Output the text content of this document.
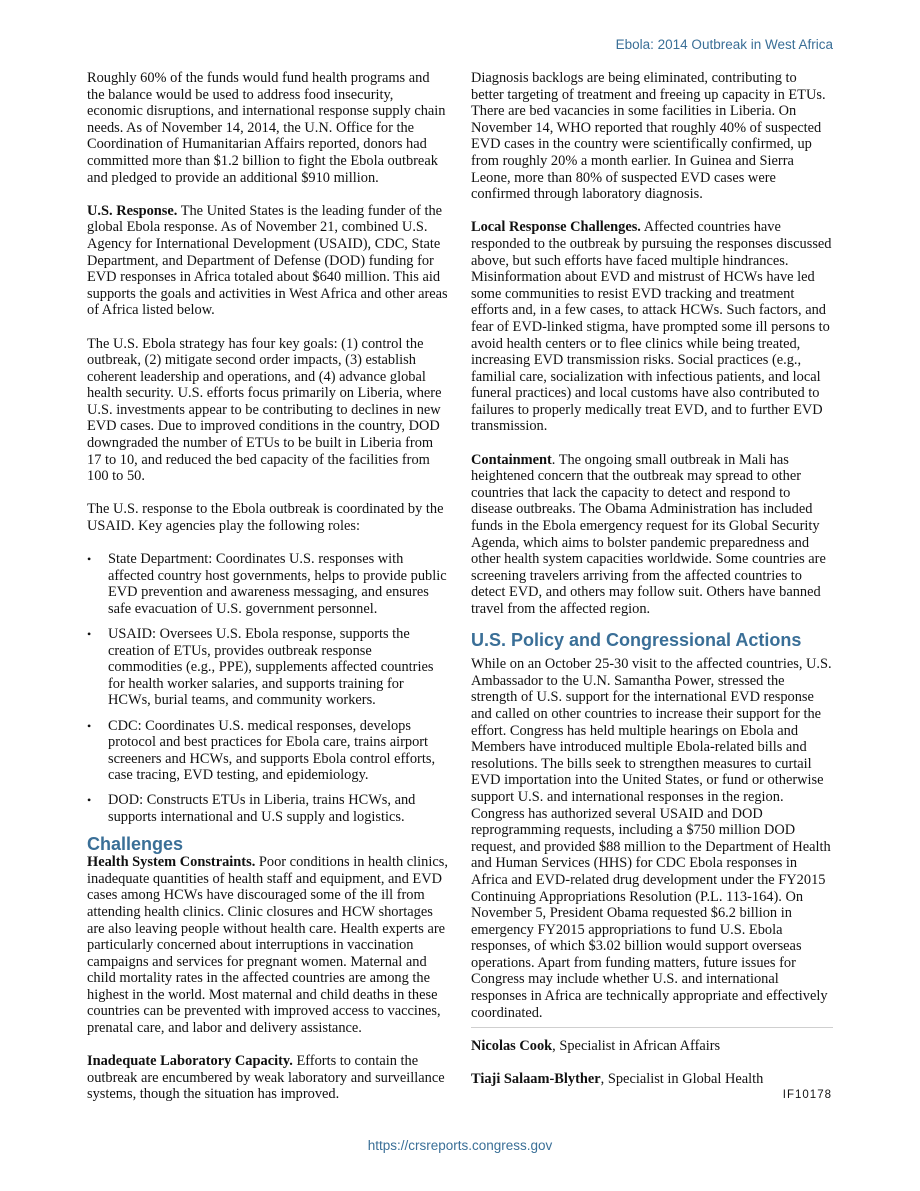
Ebola: 2014 Outbreak in West Africa

Roughly 60% of the funds would fund health programs and the balance would be used to address food insecurity, economic disruptions, and international response supply chain needs. As of November 14, 2014, the U.N. Office for the Coordination of Humanitarian Affairs reported, donors had committed more than $1.2 billion to fight the Ebola outbreak and pledged to provide an additional $910 million.

U.S. Response. The United States is the leading funder of the global Ebola response. As of November 21, combined U.S. Agency for International Development (USAID), CDC, State Department, and Department of Defense (DOD) funding for EVD responses in Africa totaled about $640 million. This aid supports the goals and activities in West Africa and other areas of Africa listed below.

The U.S. Ebola strategy has four key goals: (1) control the outbreak, (2) mitigate second order impacts, (3) establish coherent leadership and operations, and (4) advance global health security. U.S. efforts focus primarily on Liberia, where U.S. investments appear to be contributing to declines in new EVD cases. Due to improved conditions in the country, DOD downgraded the number of ETUs to be built in Liberia from 17 to 10, and reduced the bed capacity of the facilities from 100 to 50.

The U.S. response to the Ebola outbreak is coordinated by the USAID. Key agencies play the following roles:

• State Department: Coordinates U.S. responses with affected country host governments, helps to provide public EVD prevention and awareness messaging, and ensures safe evacuation of U.S. government personnel.
• USAID: Oversees U.S. Ebola response, supports the creation of ETUs, provides outbreak response commodities (e.g., PPE), supplements affected countries for health worker salaries, and supports training for HCWs, burial teams, and community workers.
• CDC: Coordinates U.S. medical responses, develops protocol and best practices for Ebola care, trains airport screeners and HCWs, and supports Ebola control efforts, case tracing, EVD testing, and epidemiology.
• DOD: Constructs ETUs in Liberia, trains HCWs, and supports international and U.S supply and logistics.
Challenges

Health System Constraints. Poor conditions in health clinics, inadequate quantities of health staff and equipment, and EVD cases among HCWs have discouraged some of the ill from attending health clinics. Clinic closures and HCW shortages are also leaving people without health care. Health experts are particularly concerned about interruptions in vaccination campaigns and services for pregnant women. Maternal and child mortality rates in the affected countries are among the highest in the world. Most maternal and child deaths in these countries can be prevented with improved access to vaccines, prenatal care, and labor and delivery assistance.

Inadequate Laboratory Capacity. Efforts to contain the outbreak are encumbered by weak laboratory and surveillance systems, though the situation has improved.

Diagnosis backlogs are being eliminated, contributing to better targeting of treatment and freeing up capacity in ETUs. There are bed vacancies in some facilities in Liberia. On November 14, WHO reported that roughly 40% of suspected EVD cases in the country were scientifically confirmed, up from roughly 20% a month earlier. In Guinea and Sierra Leone, more than 80% of suspected EVD cases were confirmed through laboratory diagnosis.

Local Response Challenges. Affected countries have responded to the outbreak by pursuing the responses discussed above, but such efforts have faced multiple hindrances. Misinformation about EVD and mistrust of HCWs have led some communities to resist EVD tracking and treatment efforts and, in a few cases, to attack HCWs. Such factors, and fear of EVD-linked stigma, have prompted some ill persons to avoid health centers or to flee clinics while being treated, increasing EVD transmission risks. Social practices (e.g., familial care, socialization with infectious patients, and local funeral practices) and local customs have also contributed to failures to properly medically treat EVD, and to further EVD transmission.

Containment. The ongoing small outbreak in Mali has heightened concern that the outbreak may spread to other countries that lack the capacity to detect and respond to disease outbreaks. The Obama Administration has included funds in the Ebola emergency request for its Global Security Agenda, which aims to bolster pandemic preparedness and other health system capacities worldwide. Some countries are screening travelers arriving from the affected countries to detect EVD, and others may follow suit. Others have banned travel from the affected region.

U.S. Policy and Congressional Actions

While on an October 25-30 visit to the affected countries, U.S. Ambassador to the U.N. Samantha Power, stressed the strength of U.S. support for the international EVD response and called on other countries to increase their support for the effort. Congress has held multiple hearings on Ebola and Members have introduced multiple Ebola-related bills and resolutions. The bills seek to strengthen measures to curtail EVD importation into the United States, or fund or otherwise support U.S. and international responses in the region. Congress has authorized several USAID and DOD reprogramming requests, including a $750 million DOD request, and provided $88 million to the Department of Health and Human Services (HHS) for CDC Ebola responses in Africa and EVD-related drug development under the FY2015 Continuing Appropriations Resolution (P.L. 113-164). On November 5, President Obama requested $6.2 billion in emergency FY2015 appropriations to fund U.S. Ebola responses, of which $3.02 billion would support overseas operations. Apart from funding matters, future issues for Congress may include whether U.S. and international responses in Africa are technically appropriate and effectively coordinated.

Nicolas Cook, Specialist in African Affairs

Tiaji Salaam-Blyther, Specialist in Global Health

IF10178
https://crsreports.congress.gov
